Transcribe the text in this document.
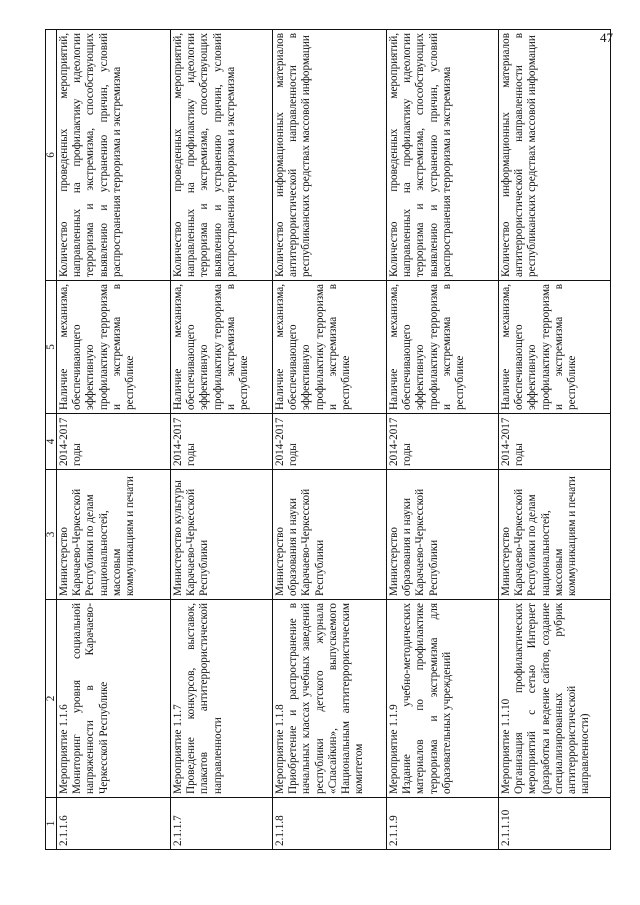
47
1	2	3	4	5	6
2.1.1.6	Мероприятие 1.1.6 Мониторинг уровня социальной напряженности в Карачаево-Черкесской Республике	Министерство Карачаево-Черкесской Республики по делам национальностей, массовым коммуникациям и печати	2014-2017 годы	Наличие механизма, обеспечивающего эффективную профилактику терроризма и экстремизма в республике	Количество проведенных мероприятий, направленных на профилактику идеологии терроризма и экстремизма, способствующих выявлению и устранению причин, условий распространения терроризма и экстремизма
2.1.1.7	Мероприятие 1.1.7 Проведение конкурсов, выставок, плакатов антитеррористической направленности	Министерство культуры Карачаево-Черкесской Республики	2014-2017 годы	Наличие механизма, обеспечивающего эффективную профилактику терроризма и экстремизма в республике	Количество проведенных мероприятий, направленных на профилактику идеологии терроризма и экстремизма, способствующих выявлению и устранению причин, условий распространения терроризма и экстремизма
2.1.1.8	Мероприятие 1.1.8 Приобретение и распространение в начальных классах учебных заведений республики детского журнала «Спасайкин», выпускаемого Национальным антитеррористическим комитетом	Министерство образования и науки Карачаево-Черкесской Республики	2014-2017 годы	Наличие механизма, обеспечивающего эффективную профилактику терроризма и экстремизма в республике	Количество информационных материалов антитеррористической направленности в республиканских средствах массовой информации
2.1.1.9	Мероприятие 1.1.9 Издание учебно-методических материалов по профилактике терроризма и экстремизма для образовательных учреждений	Министерство образования и науки Карачаево-Черкесской Республики	2014-2017 годы	Наличие механизма, обеспечивающего эффективную профилактику терроризма и экстремизма в республике	Количество проведенных мероприятий, направленных на профилактику идеологии терроризма и экстремизма, способствующих выявлению и устранению причин, условий распространения терроризма и экстремизма
2.1.1.10	Мероприятие 1.1.10 Организация профилактических мероприятий с сетью Интернет (разработка и ведение сайтов, создание специализированных рубрик антитеррористической направленности)	Министерство Карачаево-Черкесской Республики по делам национальностей, массовым коммуникациям и печати	2014-2017 годы	Наличие механизма, обеспечивающего эффективную профилактику терроризма и экстремизма в республике	Количество информационных материалов антитеррористической направленности в республиканских средствах массовой информации
